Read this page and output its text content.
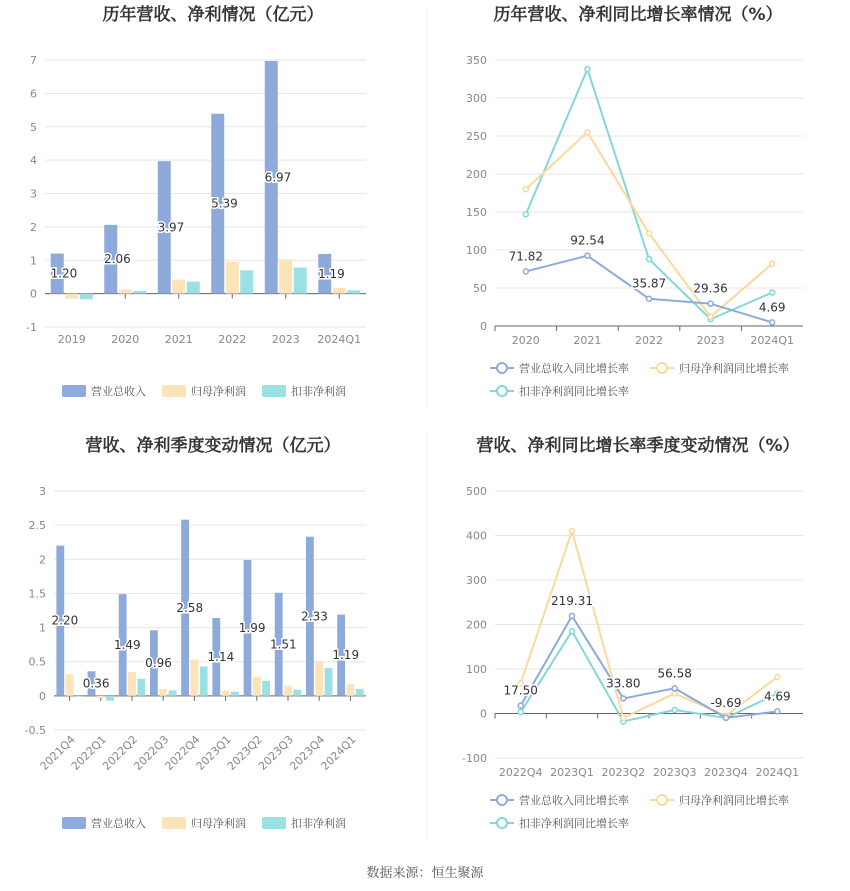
历年营收、净利情况（亿元）
7
6
5
4
3
2
1
0
-1
2019 2020 2021 2022 2023 2024Q1
1.20
2.06
3.97
5.39
6.97
1.19
营业总收入	归母净利润	扣非净利润
历年营收、净利同比增长率情况（%）
350
300
250
200
150
100
50
0
2020	2021	2022	2023 2024Q1
71.82
92.54
35.87 29.36
4.69
营业总收入同比增长率	归母净利润同比增长率
扣非净利润同比增长率
营收、净利季度变动情况（亿元）
3
2.5
2
1.5
1
0.5
0
-0.5
2021Q4
2022Q1
2022Q2
2022Q3
2022Q4
2023Q1
2023Q2
2023Q3
2023Q4
2024Q1
2.20
0.36
1.49
0.96
2.58
1.14
1.99
1.51
2.33
1.19
营业总收入	归母净利润	扣非净利润
营收、净利同比增长率季度变动情况（%）
500
400
300
200
100
0
-100
2022Q4 2023Q1 2023Q2 2023Q3 2023Q4 2024Q1
17.50
219.31
33.80
56.58
-9.69 4.69
营业总收入同比增长率	归母净利润同比增长率
扣非净利润同比增长率
数据来源：恒生聚源
